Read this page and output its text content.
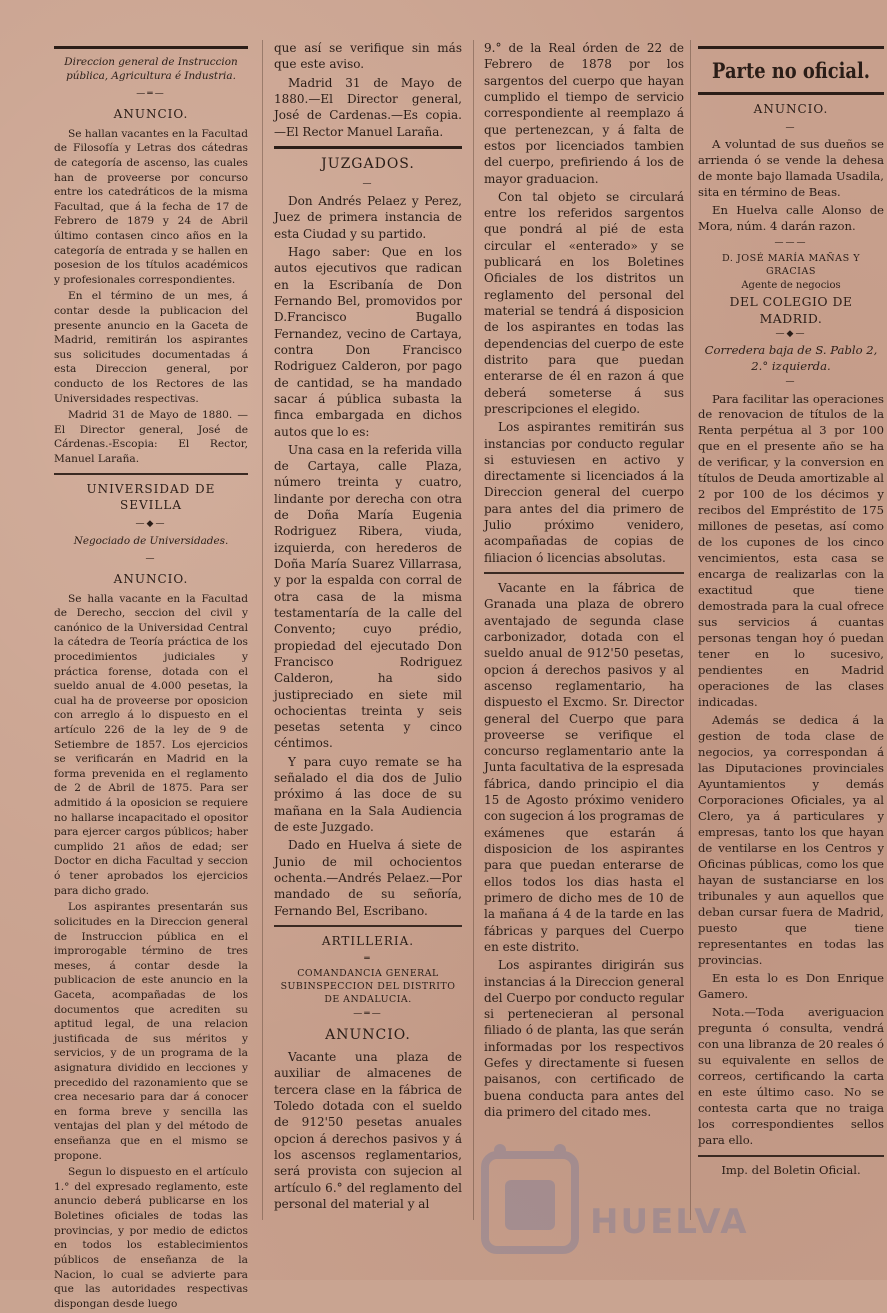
Direccion general de Instruccion pública, Agricultura é Industria.
—═—
ANUNCIO.

Se hallan vacantes en la Facultad de Filosofía y Letras dos cátedras de categoría de ascenso, las cuales han de proveerse por concurso entre los catedráticos de la misma Facultad, que á la fecha de 17 de Febrero de 1879 y 24 de Abril último contasen cinco años en la categoría de entrada y se hallen en posesion de los títulos académicos y profesionales correspondientes.

En el término de un mes, á contar desde la publicacion del presente anuncio en la Gaceta de Madrid, remitirán los aspirantes sus solicitudes documentadas á esta Direccion general, por conducto de los Rectores de las Universidades respectivas.

Madrid 31 de Mayo de 1880. —El Director general, José de Cárdenas.-Escopia: El Rector, Manuel Laraña.

UNIVERSIDAD DE SEVILLA
—◆—
Negociado de Universidades.
—
ANUNCIO.

Se halla vacante en la Facultad de Derecho, seccion del civil y canónico de la Universidad Central la cátedra de Teoría práctica de los procedimientos judiciales y práctica forense, dotada con el sueldo anual de 4.000 pesetas, la cual ha de proveerse por oposicion con arreglo á lo dispuesto en el artículo 226 de la ley de 9 de Setiembre de 1857. Los ejercicios se verificarán en Madrid en la forma prevenida en el reglamento de 2 de Abril de 1875. Para ser admitido á la oposicion se requiere no hallarse incapacitado el opositor para ejercer cargos públicos; haber cumplido 21 años de edad; ser Doctor en dicha Facultad y seccion ó tener aprobados los ejercicios para dicho grado.

Los aspirantes presentarán sus solicitudes en la Direccion general de Instruccion pública en el improrogable término de tres meses, á contar desde la publicacion de este anuncio en la Gaceta, acompañadas de los documentos que acrediten su aptitud legal, de una relacion justificada de sus méritos y servicios, y de un programa de la asignatura dividido en lecciones y precedido del razonamiento que se crea necesario para dar á conocer en forma breve y sencilla las ventajas del plan y del método de enseñanza que en el mismo se propone.

Segun lo dispuesto en el artículo 1.° del expresado reglamento, este anuncio deberá publicarse en los Boletines oficiales de todas las provincias, y por medio de edictos en todos los establecimientos públicos de enseñanza de la Nacion, lo cual se advierte para que las autoridades respectivas dispongan desde luego

que así se verifique sin más que este aviso.

Madrid 31 de Mayo de 1880.—El Director general, José de Cardenas.—Es copia.—El Rector Manuel Laraña.

JUZGADOS.
—

Don Andrés Pelaez y Perez, Juez de primera instancia de esta Ciudad y su partido.

Hago saber: Que en los autos ejecutivos que radican en la Escribanía de Don Fernando Bel, promovidos por D.Francisco Bugallo Fernandez, vecino de Cartaya, contra Don Francisco Rodriguez Calderon, por pago de cantidad, se ha mandado sacar á pública subasta la finca embargada en dichos autos que lo es:

Una casa en la referida villa de Cartaya, calle Plaza, número treinta y cuatro, lindante por derecha con otra de Doña María Eugenia Rodriguez Ribera, viuda, izquierda, con herederos de Doña María Suarez Villarrasa, y por la espalda con corral de otra casa de la misma testamentaría de la calle del Convento; cuyo prédio, propiedad del ejecutado Don Francisco Rodriguez Calderon, ha sido justipreciado en siete mil ochocientas treinta y seis pesetas setenta y cinco céntimos.

Y para cuyo remate se ha señalado el dia dos de Julio próximo á las doce de su mañana en la Sala Audiencia de este Juzgado.

Dado en Huelva á siete de Junio de mil ochocientos ochenta.—Andrés Pelaez.—Por mandado de su señoría, Fernando Bel, Escribano.

ARTILLERIA.
═
COMANDANCIA GENERAL SUBINSPECCION DEL DISTRITO DE ANDALUCIA.
—═—
ANUNCIO.

Vacante una plaza de auxiliar de almacenes de tercera clase en la fábrica de Toledo dotada con el sueldo de 912'50 pesetas anuales opcion á derechos pasivos y á los ascensos reglamentarios, será provista con sujecion al artículo 6.° del reglamento del personal del material y al

9.° de la Real órden de 22 de Febrero de 1878 por los sargentos del cuerpo que hayan cumplido el tiempo de servicio correspondiente al reemplazo á que pertenezcan, y á falta de estos por licenciados tambien del cuerpo, prefiriendo á los de mayor graduacion.

Con tal objeto se circulará entre los referidos sargentos que pondrá al pié de esta circular el «enterado» y se publicará en los Boletines Oficiales de los distritos un reglamento del personal del material se tendrá á disposicion de los aspirantes en todas las dependencias del cuerpo de este distrito para que puedan enterarse de él en razon á que deberá someterse á sus prescripciones el elegido.

Los aspirantes remitirán sus instancias por conducto regular si estuviesen en activo y directamente si licenciados á la Direccion general del cuerpo para antes del dia primero de Julio próximo venidero, acompañadas de copias de filiacion ó licencias absolutas.

Vacante en la fábrica de Granada una plaza de obrero aventajado de segunda clase carbonizador, dotada con el sueldo anual de 912'50 pesetas, opcion á derechos pasivos y al ascenso reglamentario, ha dispuesto el Excmo. Sr. Director general del Cuerpo que para proveerse se verifique el concurso reglamentario ante la Junta facultativa de la espresada fábrica, dando principio el dia 15 de Agosto próximo venidero con sugecion á los programas de exámenes que estarán á disposicion de los aspirantes para que puedan enterarse de ellos todos los dias hasta el primero de dicho mes de 10 de la mañana á 4 de la tarde en las fábricas y parques del Cuerpo en este distrito.

Los aspirantes dirigirán sus instancias á la Direccion general del Cuerpo por conducto regular si pertenecieran al personal filiado ó de planta, las que serán informadas por los respectivos Gefes y directamente si fuesen paisanos, con certificado de buena conducta para antes del dia primero del citado mes.

Parte no oficial.
ANUNCIO.
—

A voluntad de sus dueños se arrienda ó se vende la dehesa de monte bajo llamada Usadila, sita en término de Beas.

En Huelva calle Alonso de Mora, núm. 4 darán razon.

———
D. JOSÉ MARÍA MAÑAS Y GRACIAS
Agente de negocios
DEL COLEGIO DE MADRID.
—◆—
Corredera baja de S. Pablo 2, 2.° izquierda.
—

Para facilitar las operaciones de renovacion de títulos de la Renta perpétua al 3 por 100 que en el presente año se ha de verificar, y la conversion en títulos de Deuda amortizable al 2 por 100 de los décimos y recibos del Empréstito de 175 millones de pesetas, así como de los cupones de los cinco vencimientos, esta casa se encarga de realizarlas con la exactitud que tiene demostrada para la cual ofrece sus servicios á cuantas personas tengan hoy ó puedan tener en lo sucesivo, pendientes en Madrid operaciones de las clases indicadas.

Además se dedica á la gestion de toda clase de negocios, ya correspondan á las Diputaciones provinciales Ayuntamientos y demás Corporaciones Oficiales, ya al Clero, ya á particulares y empresas, tanto los que hayan de ventilarse en los Centros y Oficinas públicas, como los que hayan de sustanciarse en los tribunales y aun aquellos que deban cursar fuera de Madrid, puesto que tiene representantes en todas las provincias.

En esta lo es Don Enrique Gamero.

Nota.—Toda averiguacion pregunta ó consulta, vendrá con una libranza de 20 reales ó su equivalente en sellos de correos, certificando la carta en este último caso. No se contesta carta que no traiga los correspondientes sellos para ello.

Imp. del Boletin Oficial.
HUELVA
